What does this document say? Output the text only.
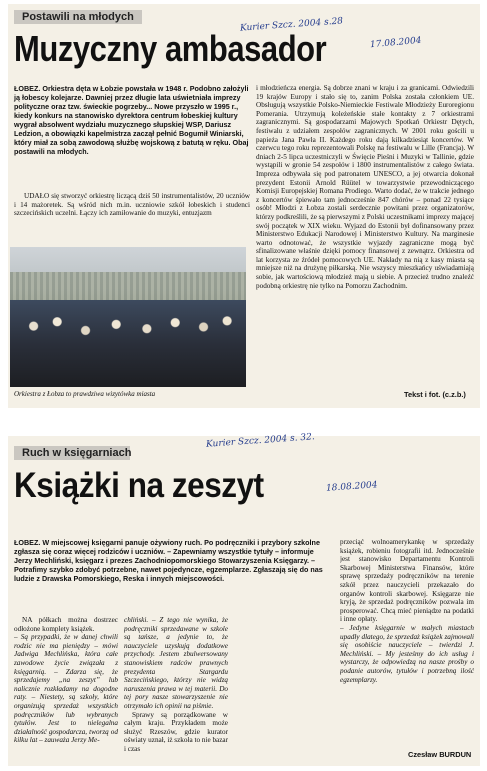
Postawili na młodych	Kurier Szcz. 2004 s.28
17.08.2004
Muzyczny ambasador
ŁOBEZ. Orkiestra dęta w Łobzie powstała w 1948 r. Podobno założyli ją łobescy kolejarze. Dawniej przez długie lata uświetniała imprezy polityczne oraz tzw. świeckie pogrzeby... Nowe przyszło w 1995 r., kiedy konkurs na stanowisko dyrektora centrum łobeskiej kultury wygrał absolwent wydziału muzycznego słupskiej WSP, Dariusz Ledzion, a obowiązki kapelmistrza zaczął pełnić Bogumił Winiarski, który miał za sobą zawodową służbę wojskową z batutą w ręku. Obaj postawili na młodych.
UDAŁO się stworzyć orkiestrę liczącą dziś 50 instrumentalistów, 20 uczniów i 14 mażoretek. Są wśród nich m.in. uczniowie szkół łobeskich i studenci szczecińskich uczelni. Łączy ich zamiłowanie do muzyki, entuzjazm
Orkiestra z Łobza to prawdziwa wizytówka miasta
i młodzieńcza energia. Są dobrze znani w kraju i za granicami. Odwiedzili 19 krajów Europy i stało się to, zanim Polska została członkiem UE. Obsługują wszystkie Polsko-Niemieckie Festiwale Młodzieży Euroregionu Pomerania. Utrzymują koleżeńskie stałe kontakty z 7 orkiestrami zagranicznymi. Są gospodarzami Majowych Spotkań Orkiestr Dętych, festiwalu z udziałem zespołów zagranicznych. W 2001 roku gościli u papieża Jana Pawła II. Każdego roku dają kilkadziesiąt koncertów. W czerwcu tego roku reprezentowali Polskę na festiwalu w Lille (Francja). W dniach 2-5 lipca uczestniczyli w Święcie Pieśni i Muzyki w Tallinie, gdzie wystąpili w gronie 54 zespołów i 1800 instrumentalistów z całego świata. Impreza odbywała się pod patronatem UNESCO, a jej otwarcia dokonał prezydent Estonii Arnold Rüütel w towarzystwie przewodniczącego Komisji Europejskiej Romana Prodiego. Warto dodać, że w trakcie jednego z koncertów śpiewało tam jednocześnie 847 chórów – ponad 22 tysiące osób! Młodzi z Łobza zostali serdecznie powitani przez organizatorów, którzy podkreślili, że są pierwszymi z Polski uczestnikami imprezy mającej swój początek w XIX wieku. Wyjazd do Estonii był dofinansowany przez Ministerstwo Edukacji Narodowej i Ministerstwo Kultury. Na marginesie warto odnotować, że wszystkie wyjazdy zagraniczne mogą być sfinalizowane właśnie dzięki pomocy finansowej z zewnątrz. Orkiestra od lat korzysta ze źródeł pomocowych UE. Nakłady na nią z kasy miasta są mniejsze niż na drużynę piłkarską. Nie wszyscy mieszkańcy uświadamiają sobie, jak wartościową młodzież mają u siebie. A przecież trudno znaleźć podobną orkiestrę nie tylko na Pomorzu Zachodnim.
Tekst i fot. (c.z.b.)
Ruch w księgarniach
Kurier Szcz. 2004 s. 32.
18.08.2004
Książki na zeszyt
ŁOBEZ. W miejscowej księgarni panuje ożywiony ruch. Po podręczniki i przybory szkolne zgłasza się coraz więcej rodziców i uczniów. – Zapewniamy wszystkie tytuły – informuje Jerzy Mechliński, księgarz i prezes Zachodniopomorskiego Stowarzyszenia Księgarzy. – Potrafimy szybko zdobyć potrzebne, nawet pojedyncze, egzemplarze. Zgłaszają się do nas ludzie z Drawska Pomorskiego, Reska i innych miejscowości.
NA półkach można dostrzec odłożone komplety książek.
– Są przypadki, że w danej chwili rodzic nie ma pieniędzy – mówi Jadwiga Mechlińska, która całe zawodowe życie związała z księgarnią. – Zdarza się, że sprzedajemy „na zeszyt” lub nalicznie rozkładamy na dogodne raty. – Niestety, są szkoły, które organizują sprzedaż wszystkich podręczników lub wybranych tytułów. Jest to nielegalna działalność gospodarcza, tworzą od kilku lat – zauważa Jerzy Me-
chliński. – Z tego nie wynika, że podręczniki sprzedawane w szkole są tańsze, a jedynie to, że nauczyciele uzyskują dodatkowe przychody. Jestem zbulwersowany stanowiskiem radców prawnych prezydenta Stargardu Szczecińskiego, którzy nie widzą naruszenia prawa w tej materii. Do tej pory nasze stowarzyszenie nie otrzymało ich opinii na piśmie.
Sprawy są porządkowane w całym kraju. Przykładem może służyć Rzeszów, gdzie kurator oświaty uznał, iż szkoła to nie bazar i czas
przeciąć wolnoamerykankę w sprzedaży książek, robieniu fotografii itd. Jednocześnie jest stanowisko Departamentu Kontroli Skarbowej Ministerstwa Finansów, które sprawę sprzedaży podręczników na terenie szkół przez nauczycieli przekazało do organów kontroli skarbowej. Księgarze nie kryją, że sprzedaż podręczników pozwala im prosperować. Chcą mieć pieniądze na podatki i inne opłaty.
– Jedyne księgarnie w małych miastach upadły dlatego, że sprzedaż książek zajmowali się osobiście nauczyciele – twierdzi J. Mechliński. – My jesteśmy do ich usług i wystarczy, że odpowiedzą na nasze prośby o podanie autorów, tytułów i potrzebną ilość egzemplarzy.
Czesław BURDUN
